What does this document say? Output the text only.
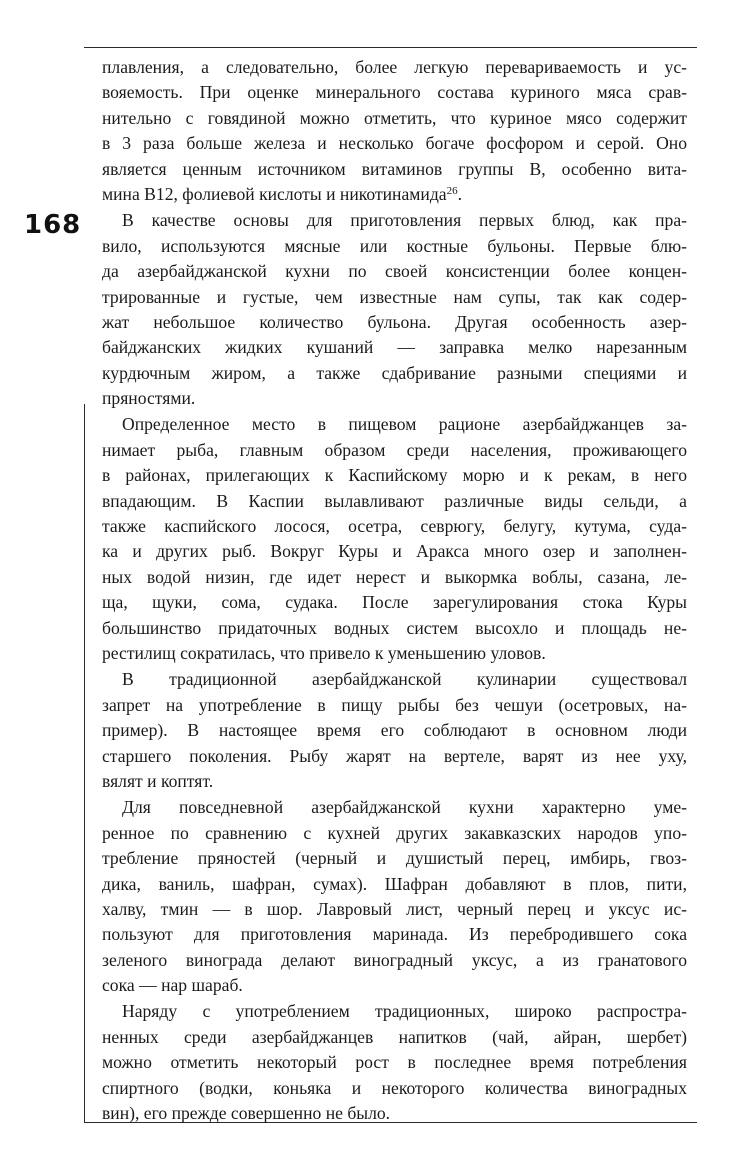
168

плавления, а следовательно, более легкую перевариваемость и ус-
вояемость. При оценке минерального состава куриного мяса срав-
нительно с говядиной можно отметить, что куриное мясо содержит
в 3 раза больше железа и несколько богаче фосфором и серой. Оно
является ценным источником витаминов группы В, особенно вита-
мина В12, фолиевой кислоты и никотинамида$^{26}$.

В качестве основы для приготовления первых блюд, как пра-
вило, используются мясные или костные бульоны. Первые блю-
да азербайджанской кухни по своей консистенции более концен-
трированные и густые, чем известные нам супы, так как содер-
жат небольшое количество бульона. Другая особенность азер-
байджанских жидких кушаний — заправка мелко нарезанным
курдючным жиром, а также сдабривание разными специями и
пряностями.

Определенное место в пищевом рационе азербайджанцев за-
нимает рыба, главным образом среди населения, проживающего
в районах, прилегающих к Каспийскому морю и к рекам, в него
впадающим. В Каспии вылавливают различные виды сельди, а
также каспийского лосося, осетра, севрюгу, белугу, кутума, суда-
ка и других рыб. Вокруг Куры и Аракса много озер и заполнен-
ных водой низин, где идет нерест и выкормка воблы, сазана, ле-
ща, щуки, сома, судака. После зарегулирования стока Куры
большинство придаточных водных систем высохло и площадь не-
рестилищ сократилась, что привело к уменьшению уловов.

В традиционной азербайджанской кулинарии существовал
запрет на употребление в пищу рыбы без чешуи (осетровых, на-
пример). В настоящее время его соблюдают в основном люди
старшего поколения. Рыбу жарят на вертеле, варят из нее уху,
вялят и коптят.

Для повседневной азербайджанской кухни характерно уме-
ренное по сравнению с кухней других закавказских народов упо-
требление пряностей (черный и душистый перец, имбирь, гвоз-
дика, ваниль, шафран, сумах). Шафран добавляют в плов, пити,
халву, тмин — в шор. Лавровый лист, черный перец и уксус ис-
пользуют для приготовления маринада. Из перебродившего сока
зеленого винограда делают виноградный уксус, а из гранатового
сока — нар шараб.

Наряду с употреблением традиционных, широко распростра-
ненных среди азербайджанцев напитков (чай, айран, шербет)
можно отметить некоторый рост в последнее время потребления
спиртного (водки, коньяка и некоторого количества виноградных
вин), его прежде совершенно не было.
